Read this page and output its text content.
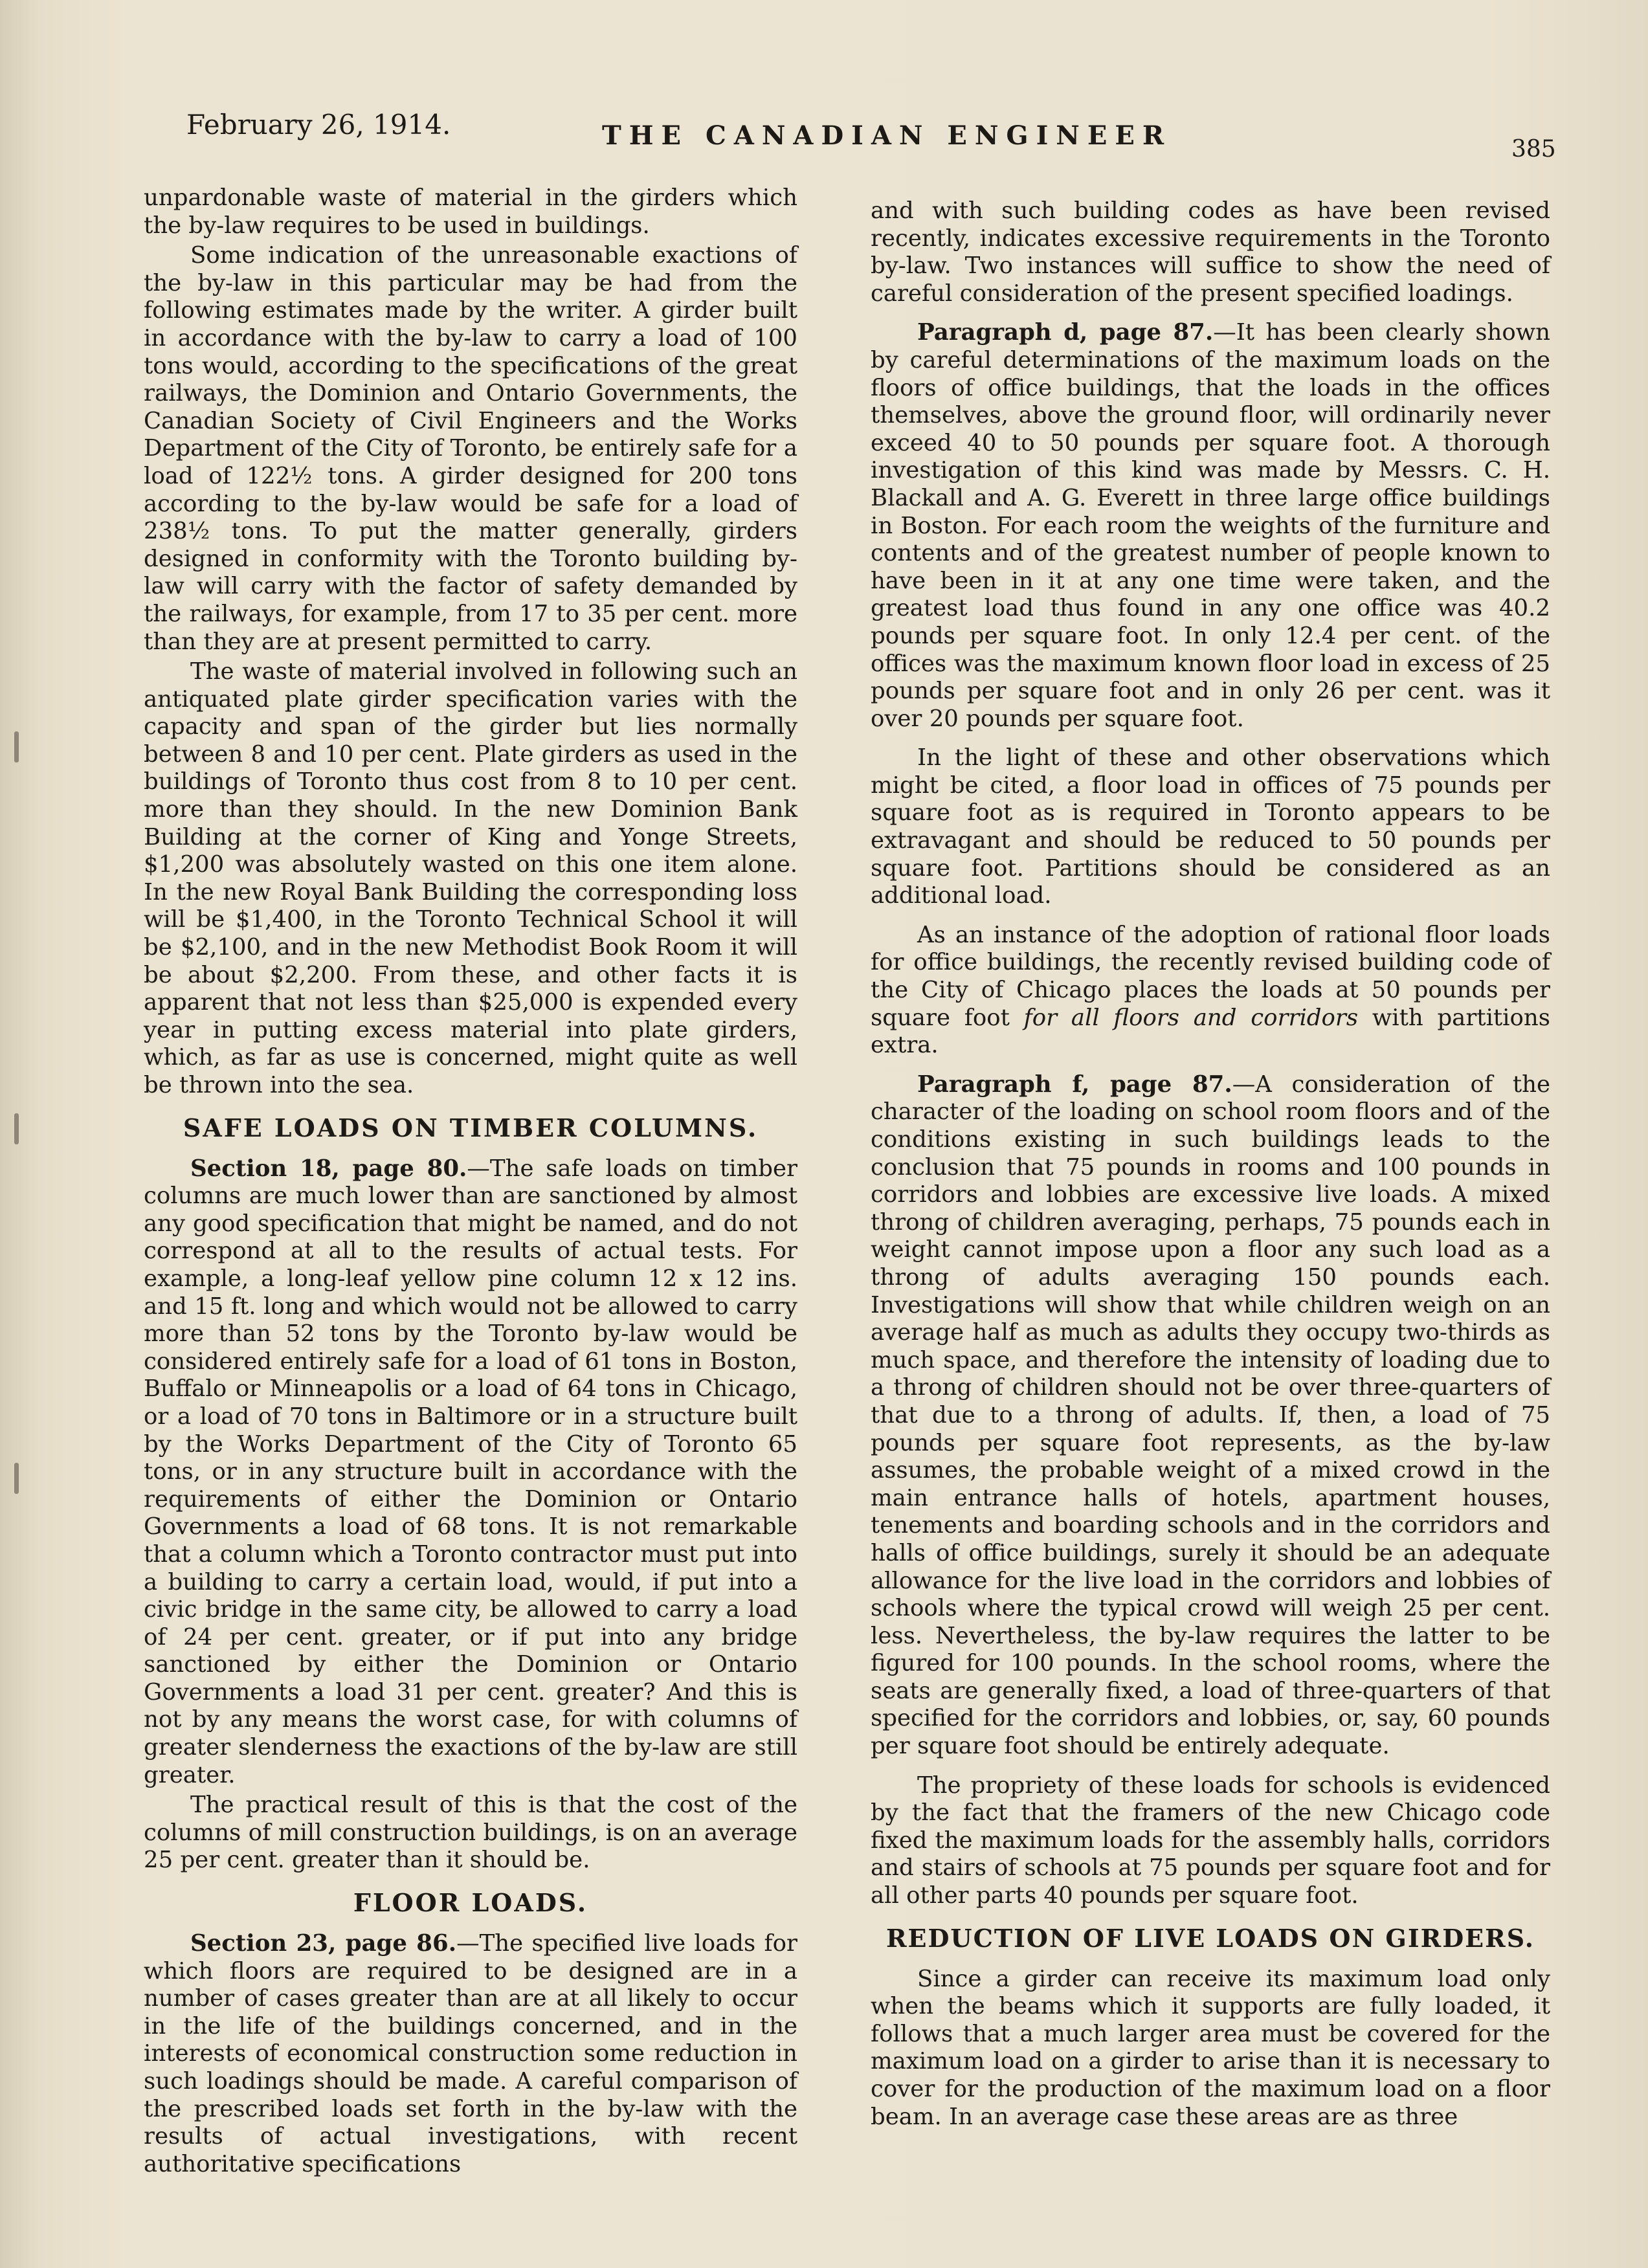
February 26, 1914.	THE CANADIAN ENGINEER	385

unpardonable waste of material in the girders which the by-law requires to be used in buildings.

Some indication of the unreasonable exactions of the by-law in this particular may be had from the following estimates made by the writer. A girder built in accordance with the by-law to carry a load of 100 tons would, according to the specifications of the great railways, the Dominion and Ontario Governments, the Canadian Society of Civil Engineers and the Works Department of the City of Toronto, be entirely safe for a load of 122½ tons. A girder designed for 200 tons according to the by-law would be safe for a load of 238½ tons. To put the matter generally, girders designed in conformity with the Toronto building by-law will carry with the factor of safety demanded by the railways, for example, from 17 to 35 per cent. more than they are at present permitted to carry.

The waste of material involved in following such an antiquated plate girder specification varies with the capacity and span of the girder but lies normally between 8 and 10 per cent. Plate girders as used in the buildings of Toronto thus cost from 8 to 10 per cent. more than they should. In the new Dominion Bank Building at the corner of King and Yonge Streets, $1,200 was absolutely wasted on this one item alone. In the new Royal Bank Building the corresponding loss will be $1,400, in the Toronto Technical School it will be $2,100, and in the new Methodist Book Room it will be about $2,200. From these, and other facts it is apparent that not less than $25,000 is expended every year in putting excess material into plate girders, which, as far as use is concerned, might quite as well be thrown into the sea.

SAFE LOADS ON TIMBER COLUMNS.

Section 18, page 80.—The safe loads on timber columns are much lower than are sanctioned by almost any good specification that might be named, and do not correspond at all to the results of actual tests. For example, a long-leaf yellow pine column 12 x 12 ins. and 15 ft. long and which would not be allowed to carry more than 52 tons by the Toronto by-law would be considered entirely safe for a load of 61 tons in Boston, Buffalo or Minneapolis or a load of 64 tons in Chicago, or a load of 70 tons in Baltimore or in a structure built by the Works Department of the City of Toronto 65 tons, or in any structure built in accordance with the requirements of either the Dominion or Ontario Governments a load of 68 tons. It is not remarkable that a column which a Toronto contractor must put into a building to carry a certain load, would, if put into a civic bridge in the same city, be allowed to carry a load of 24 per cent. greater, or if put into any bridge sanctioned by either the Dominion or Ontario Governments a load 31 per cent. greater? And this is not by any means the worst case, for with columns of greater slenderness the exactions of the by-law are still greater.

The practical result of this is that the cost of the columns of mill construction buildings, is on an average 25 per cent. greater than it should be.

FLOOR LOADS.

Section 23, page 86.—The specified live loads for which floors are required to be designed are in a number of cases greater than are at all likely to occur in the life of the buildings concerned, and in the interests of economical construction some reduction in such loadings should be made. A careful comparison of the prescribed loads set forth in the by-law with the results of actual investigations, with recent authoritative specifications

and with such building codes as have been revised recently, indicates excessive requirements in the Toronto by-law. Two instances will suffice to show the need of careful consideration of the present specified loadings.

Paragraph d, page 87.—It has been clearly shown by careful determinations of the maximum loads on the floors of office buildings, that the loads in the offices themselves, above the ground floor, will ordinarily never exceed 40 to 50 pounds per square foot. A thorough investigation of this kind was made by Messrs. C. H. Blackall and A. G. Everett in three large office buildings in Boston. For each room the weights of the furniture and contents and of the greatest number of people known to have been in it at any one time were taken, and the greatest load thus found in any one office was 40.2 pounds per square foot. In only 12.4 per cent. of the offices was the maximum known floor load in excess of 25 pounds per square foot and in only 26 per cent. was it over 20 pounds per square foot.

In the light of these and other observations which might be cited, a floor load in offices of 75 pounds per square foot as is required in Toronto appears to be extravagant and should be reduced to 50 pounds per square foot. Partitions should be considered as an additional load.

As an instance of the adoption of rational floor loads for office buildings, the recently revised building code of the City of Chicago places the loads at 50 pounds per square foot for all floors and corridors with partitions extra.

Paragraph f, page 87.—A consideration of the character of the loading on school room floors and of the conditions existing in such buildings leads to the conclusion that 75 pounds in rooms and 100 pounds in corridors and lobbies are excessive live loads. A mixed throng of children averaging, perhaps, 75 pounds each in weight cannot impose upon a floor any such load as a throng of adults averaging 150 pounds each. Investigations will show that while children weigh on an average half as much as adults they occupy two-thirds as much space, and therefore the intensity of loading due to a throng of children should not be over three-quarters of that due to a throng of adults. If, then, a load of 75 pounds per square foot represents, as the by-law assumes, the probable weight of a mixed crowd in the main entrance halls of hotels, apartment houses, tenements and boarding schools and in the corridors and halls of office buildings, surely it should be an adequate allowance for the live load in the corridors and lobbies of schools where the typical crowd will weigh 25 per cent. less. Nevertheless, the by-law requires the latter to be figured for 100 pounds. In the school rooms, where the seats are generally fixed, a load of three-quarters of that specified for the corridors and lobbies, or, say, 60 pounds per square foot should be entirely adequate.

The propriety of these loads for schools is evidenced by the fact that the framers of the new Chicago code fixed the maximum loads for the assembly halls, corridors and stairs of schools at 75 pounds per square foot and for all other parts 40 pounds per square foot.

REDUCTION OF LIVE LOADS ON GIRDERS.

Since a girder can receive its maximum load only when the beams which it supports are fully loaded, it follows that a much larger area must be covered for the maximum load on a girder to arise than it is necessary to cover for the production of the maximum load on a floor beam. In an average case these areas are as three
